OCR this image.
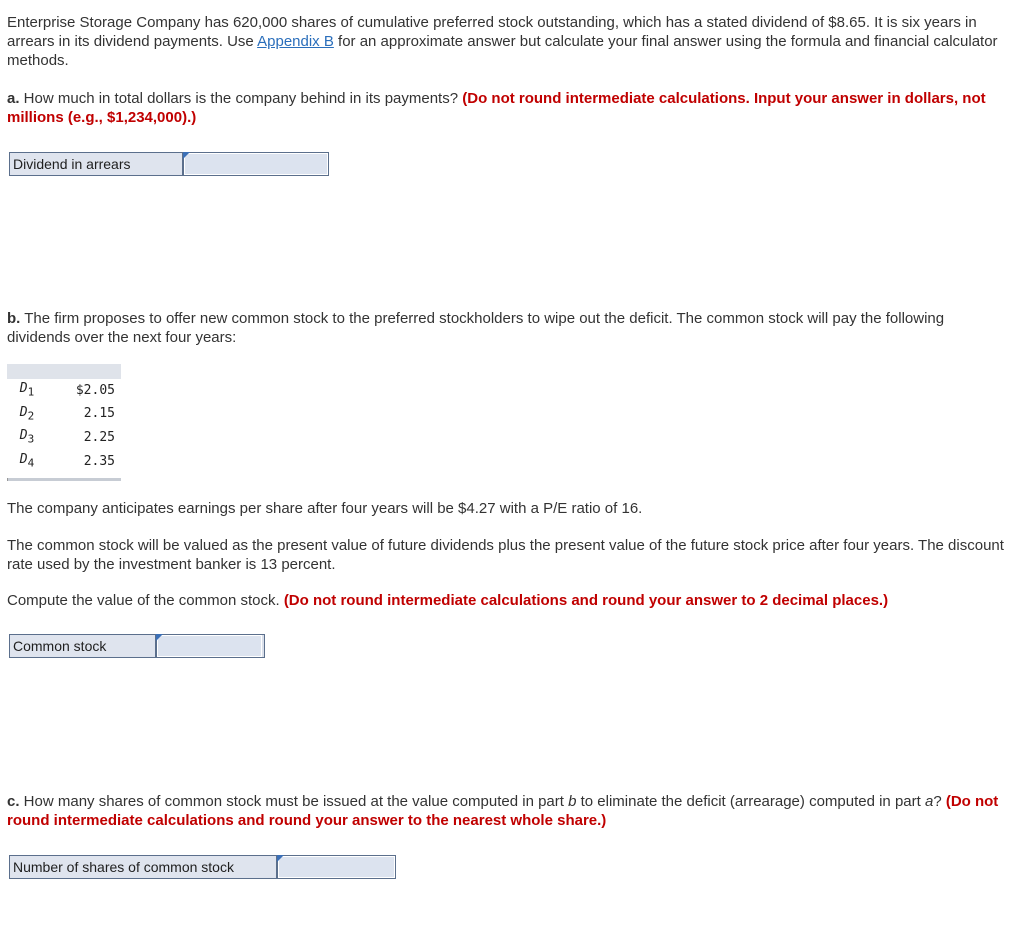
Enterprise Storage Company has 620,000 shares of cumulative preferred stock outstanding, which has a stated dividend of $8.65. It is six years in arrears in its dividend payments. Use Appendix B for an approximate answer but calculate your final answer using the formula and financial calculator methods.

a. How much in total dollars is the company behind in its payments? (Do not round intermediate calculations. Input your answer in dollars, not millions (e.g., $1,234,000).)

Dividend in arrears

b. The firm proposes to offer new common stock to the preferred stockholders to wipe out the deficit. The common stock will pay the following dividends over the next four years:

$D_1$	$2.05
$D_2$	2.15
$D_3$	2.25
$D_4$	2.35

The company anticipates earnings per share after four years will be $4.27 with a P/E ratio of 16.

The common stock will be valued as the present value of future dividends plus the present value of the future stock price after four years. The discount rate used by the investment banker is 13 percent.

Compute the value of the common stock. (Do not round intermediate calculations and round your answer to 2 decimal places.)

Common stock

c. How many shares of common stock must be issued at the value computed in part b to eliminate the deficit (arrearage) computed in part a? (Do not round intermediate calculations and round your answer to the nearest whole share.)

Number of shares of common stock
